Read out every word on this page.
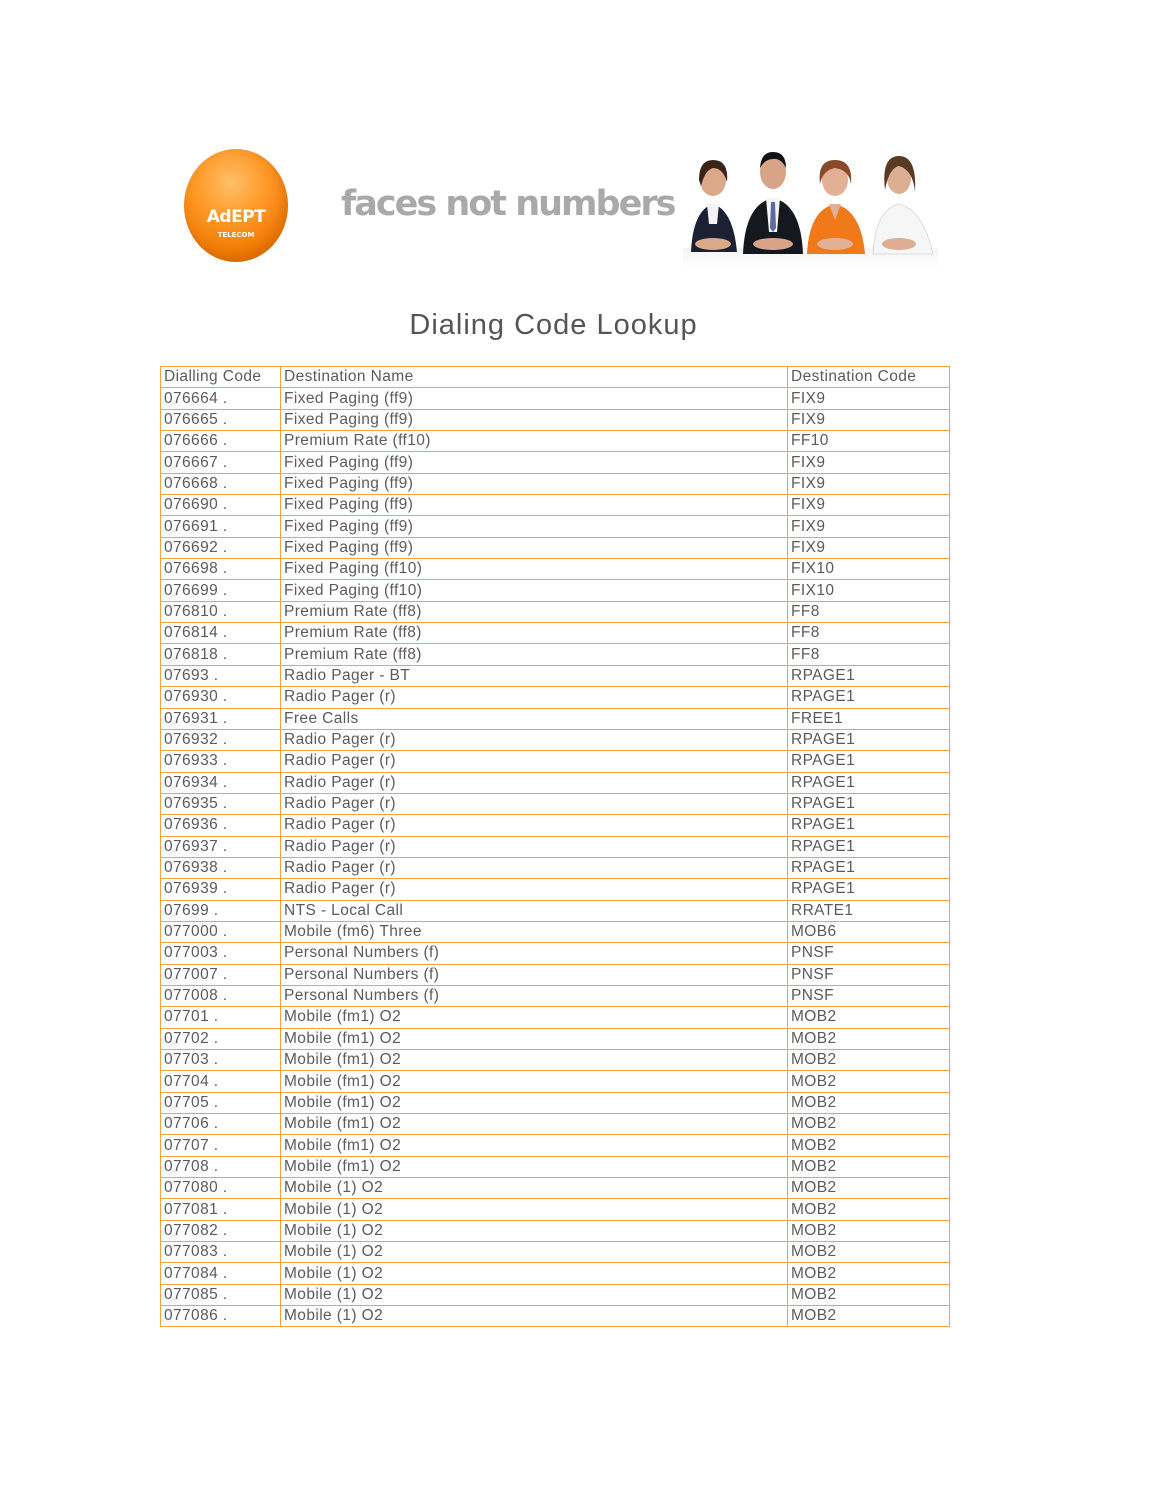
AdEPT
TELECOM
faces not numbers
Dialing Code Lookup
Dialling Code	Destination Name	Destination Code
076664 .	Fixed Paging (ff9)	FIX9
076665 .	Fixed Paging (ff9)	FIX9
076666 .	Premium Rate (ff10)	FF10
076667 .	Fixed Paging (ff9)	FIX9
076668 .	Fixed Paging (ff9)	FIX9
076690 .	Fixed Paging (ff9)	FIX9
076691 .	Fixed Paging (ff9)	FIX9
076692 .	Fixed Paging (ff9)	FIX9
076698 .	Fixed Paging (ff10)	FIX10
076699 .	Fixed Paging (ff10)	FIX10
076810 .	Premium Rate (ff8)	FF8
076814 .	Premium Rate (ff8)	FF8
076818 .	Premium Rate (ff8)	FF8
07693 .	Radio Pager - BT	RPAGE1
076930 .	Radio Pager (r)	RPAGE1
076931 .	Free Calls	FREE1
076932 .	Radio Pager (r)	RPAGE1
076933 .	Radio Pager (r)	RPAGE1
076934 .	Radio Pager (r)	RPAGE1
076935 .	Radio Pager (r)	RPAGE1
076936 .	Radio Pager (r)	RPAGE1
076937 .	Radio Pager (r)	RPAGE1
076938 .	Radio Pager (r)	RPAGE1
076939 .	Radio Pager (r)	RPAGE1
07699 .	NTS - Local Call	RRATE1
077000 .	Mobile (fm6) Three	MOB6
077003 .	Personal Numbers (f)	PNSF
077007 .	Personal Numbers (f)	PNSF
077008 .	Personal Numbers (f)	PNSF
07701 .	Mobile (fm1) O2	MOB2
07702 .	Mobile (fm1) O2	MOB2
07703 .	Mobile (fm1) O2	MOB2
07704 .	Mobile (fm1) O2	MOB2
07705 .	Mobile (fm1) O2	MOB2
07706 .	Mobile (fm1) O2	MOB2
07707 .	Mobile (fm1) O2	MOB2
07708 .	Mobile (fm1) O2	MOB2
077080 .	Mobile (1) O2	MOB2
077081 .	Mobile (1) O2	MOB2
077082 .	Mobile (1) O2	MOB2
077083 .	Mobile (1) O2	MOB2
077084 .	Mobile (1) O2	MOB2
077085 .	Mobile (1) O2	MOB2
077086 .	Mobile (1) O2	MOB2
